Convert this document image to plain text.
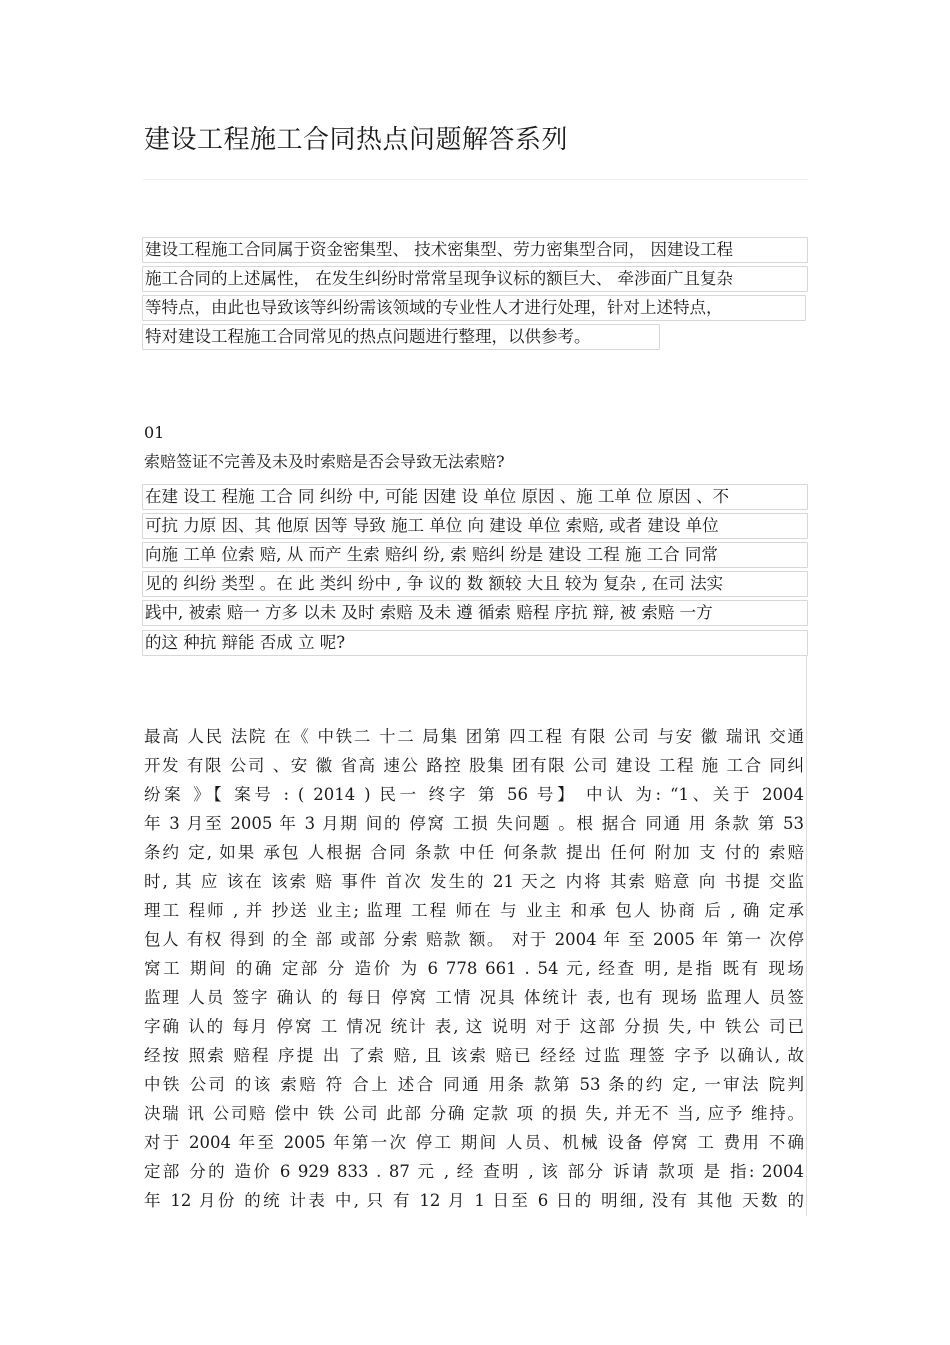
建设工程施工合同热点问题解答系列
建设工程施工合同属于资金密集型、 技术密集型、劳力密集型合同， 因建设工程
施工合同的上述属性， 在发生纠纷时常常呈现争议标的额巨大、 牵涉面广且复杂
等特点，由此也导致该等纠纷需该领域的专业性人才进行处理，针对上述特点，
特对建设工程施工合同常见的热点问题进行整理，以供参考。
01
索赔签证不完善及未及时索赔是否会导致无法索赔?
在建 设工 程施 工合 同 纠纷 中, 可能 因建 设 单位 原因 、施 工单 位 原因 、不
可抗 力原 因、其 他原 因等 导致 施工 单位 向 建设 单位 索赔, 或者 建设 单位
向施 工单 位索 赔, 从 而产 生索 赔纠 纷, 索 赔纠 纷是 建设 工程 施 工合 同常
见的 纠纷 类型 。在 此 类纠 纷中 , 争 议的 数 额较 大且 较为 复杂 , 在司 法实
践中, 被索 赔一 方多 以未 及时 索赔 及未 遵 循索 赔程 序抗 辩, 被 索赔 一方
的这 种抗 辩能 否成 立 呢?
最高 人民 法院 在《 中铁二 十二 局集 团第 四工程 有限 公司 与安 徽 瑞讯 交通
开发 有限 公司 、安 徽 省高 速公 路控 股集 团有限 公司 建设 工程 施 工合 同纠
纷案 》【 案号 : ( 2014 ) 民一 终字 第 56 号】 中认 为: “1、关于 2004
年 3 月至 2005 年 3 月期 间的 停窝 工损 失问题 。根 据合 同通 用 条款 第 53
条约 定, 如果 承包 人根据 合同 条款 中任 何条款 提出 任何 附加 支 付的 索赔
时, 其 应 该在 该索 赔 事件 首次 发生的 21 天之 内将 其索 赔意 向 书提 交监
理工 程师 , 并 抄送 业主; 监理 工程 师在 与 业主 和承 包人 协商 后 , 确 定承
包人 有权 得到 的全 部 或部 分索 赔款 额。 对于 2004 年 至 2005 年 第一 次停
窝工 期间 的确 定部 分 造价 为 6 778 661 . 54 元, 经查 明, 是指 既有 现场
监理 人员 签字 确认 的 每日 停窝 工情 况具 体统计 表, 也有 现场 监理人 员签
字确 认的 每月 停窝 工 情况 统计 表, 这 说明 对于 这部 分损 失, 中 铁公 司已
经按 照索 赔程 序提 出 了索 赔, 且 该索 赔已 经经 过监 理签 字予 以确认, 故
中铁 公司 的该 索赔 符 合上 述合 同通 用条 款第 53 条的约 定, 一审法 院判
决瑞 讯 公司赔 偿中 铁 公司 此部 分确 定款 项 的损 失, 并无不 当, 应予 维持。
对于 2004 年至 2005 年第一次 停工 期间 人员、机械 设备 停窝 工 费用 不确
定部 分的 造价 6 929 833 . 87 元 , 经 查明 , 该 部分 诉请 款项 是 指: 2004
年 12 月份 的统 计表 中, 只 有 12 月 1 日至 6 日的 明细, 没有 其他 天数 的
